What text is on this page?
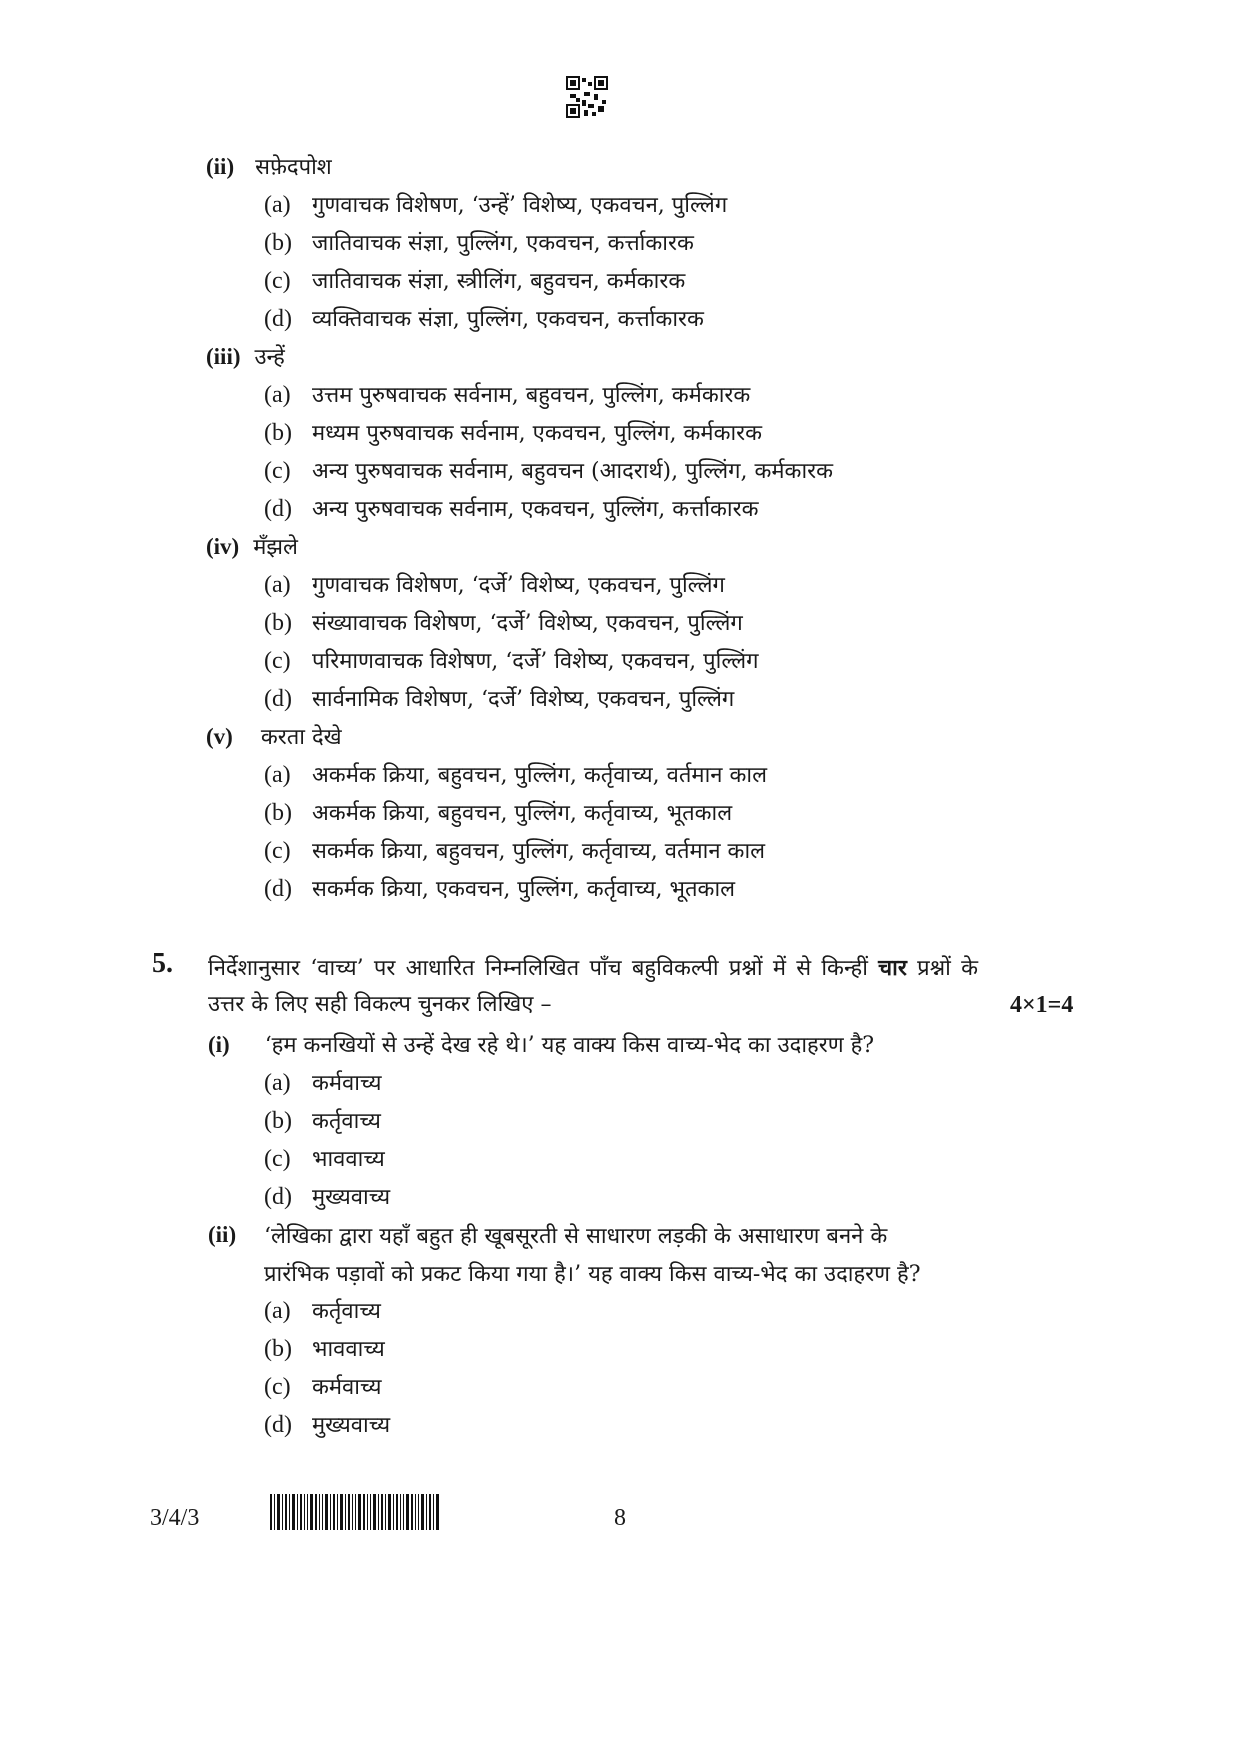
(ii) सफ़ेदपोश
(a) गुणवाचक विशेषण, ‘उन्हें’ विशेष्य, एकवचन, पुल्लिंग
(b) जातिवाचक संज्ञा, पुल्लिंग, एकवचन, कर्त्ताकारक
(c) जातिवाचक संज्ञा, स्त्रीलिंग, बहुवचन, कर्मकारक
(d) व्यक्तिवाचक संज्ञा, पुल्लिंग, एकवचन, कर्त्ताकारक
(iii) उन्हें
(a) उत्तम पुरुषवाचक सर्वनाम, बहुवचन, पुल्लिंग, कर्मकारक
(b) मध्यम पुरुषवाचक सर्वनाम, एकवचन, पुल्लिंग, कर्मकारक
(c) अन्य पुरुषवाचक सर्वनाम, बहुवचन (आदरार्थ), पुल्लिंग, कर्मकारक
(d) अन्य पुरुषवाचक सर्वनाम, एकवचन, पुल्लिंग, कर्त्ताकारक
(iv) मँझले
(a) गुणवाचक विशेषण, ‘दर्जे’ विशेष्य, एकवचन, पुल्लिंग
(b) संख्यावाचक विशेषण, ‘दर्जे’ विशेष्य, एकवचन, पुल्लिंग
(c) परिमाणवाचक विशेषण, ‘दर्जे’ विशेष्य, एकवचन, पुल्लिंग
(d) सार्वनामिक विशेषण, ‘दर्जे’ विशेष्य, एकवचन, पुल्लिंग
(v) करता देखे
(a) अकर्मक क्रिया, बहुवचन, पुल्लिंग, कर्तृवाच्य, वर्तमान काल
(b) अकर्मक क्रिया, बहुवचन, पुल्लिंग, कर्तृवाच्य, भूतकाल
(c) सकर्मक क्रिया, बहुवचन, पुल्लिंग, कर्तृवाच्य, वर्तमान काल
(d) सकर्मक क्रिया, एकवचन, पुल्लिंग, कर्तृवाच्य, भूतकाल
5. निर्देशानुसार ‘वाच्य’ पर आधारित निम्नलिखित पाँच बहुविकल्पी प्रश्नों में से किन्हीं चार प्रश्नों के उत्तर के लिए सही विकल्प चुनकर लिखिए –	4×1=4
(i) ‘हम कनखियों से उन्हें देख रहे थे।’ यह वाक्य किस वाच्य-भेद का उदाहरण है?
(a) कर्मवाच्य
(b) कर्तृवाच्य
(c) भाववाच्य
(d) मुख्यवाच्य
(ii) ‘लेखिका द्वारा यहाँ बहुत ही खूबसूरती से साधारण लड़की के असाधारण बनने के
प्रारंभिक पड़ावों को प्रकट किया गया है।’ यह वाक्य किस वाच्य-भेद का उदाहरण है?
(a) कर्तृवाच्य
(b) भाववाच्य
(c) कर्मवाच्य
(d) मुख्यवाच्य
3/4/3	8
